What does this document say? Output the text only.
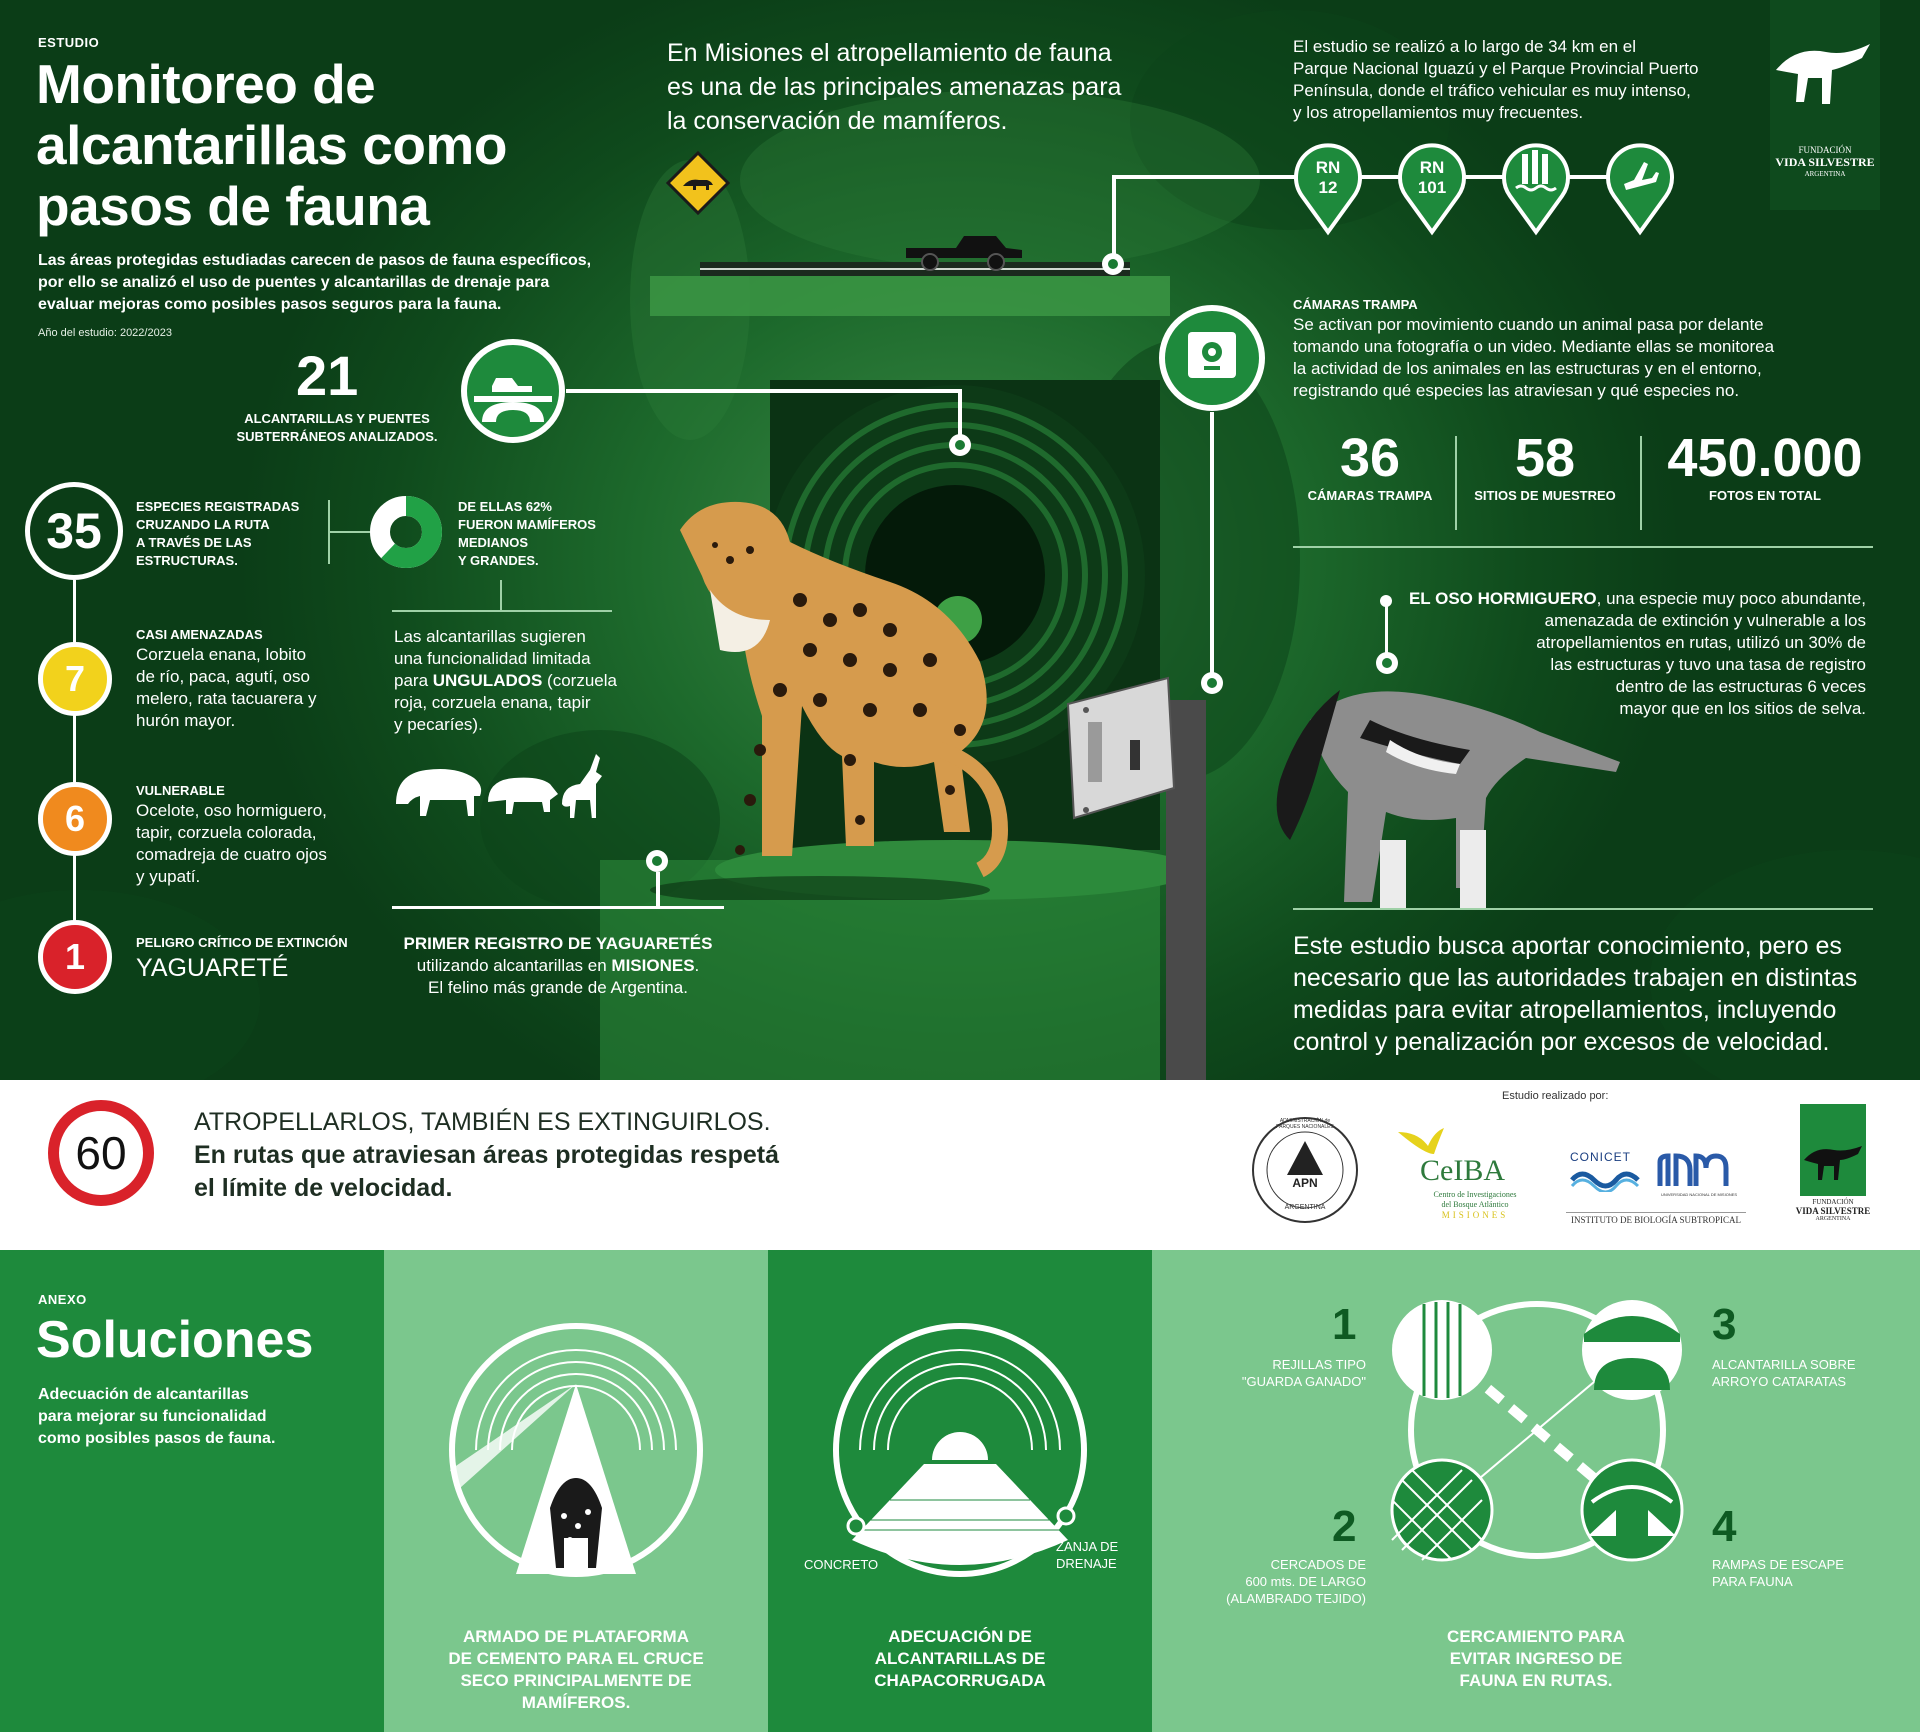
ESTUDIO
Monitoreo de
alcantarillas como
pasos de fauna
Las áreas protegidas estudiadas carecen de pasos de fauna específicos,
por ello se analizó el uso de puentes y alcantarillas de drenaje para
evaluar mejoras como posibles pasos seguros para la fauna.
Año del estudio: 2022/2023
En Misiones el atropellamiento de fauna
es una de las principales amenazas para
la conservación de mamíferos.
El estudio se realizó a lo largo de 34 km en el
Parque Nacional Iguazú y el Parque Provincial Puerto
Península, donde el tráfico vehicular es muy intenso,
y los atropellamientos muy frecuentes.
RN
12
RN
101
FUNDACIÓN
VIDA SILVESTRE
ARGENTINA
21
ALCANTARILLAS Y PUENTES
SUBTERRÁNEOS ANALIZADOS.
35	ESPECIES REGISTRADAS
CRUZANDO LA RUTA
A TRAVÉS DE LAS
ESTRUCTURAS.
DE ELLAS 62%
FUERON MAMÍFEROS
MEDIANOS
Y GRANDES.
7
CASI AMENAZADAS
Corzuela enana, lobito
de río, paca, agutí, oso
melero, rata tacuarera y
hurón mayor.
6
VULNERABLE
Ocelote, oso hormiguero,
tapir, corzuela colorada,
comadreja de cuatro ojos
y yupatí.
1	PELIGRO CRÍTICO DE EXTINCIÓN
YAGUARETÉ
Las alcantarillas sugieren
una funcionalidad limitada
para UNGULADOS (corzuela
roja, corzuela enana, tapir
y pecaríes).
PRIMER REGISTRO DE YAGUARETÉS
utilizando alcantarillas en MISIONES.
El felino más grande de Argentina.
CÁMARAS TRAMPA
Se activan por movimiento cuando un animal pasa por delante
tomando una fotografía o un video. Mediante ellas se monitorea
la actividad de los animales en las estructuras y en el entorno,
registrando qué especies las atraviesan y qué especies no.
36
CÁMARAS TRAMPA
58
SITIOS DE MUESTREO
450.000
FOTOS EN TOTAL
EL OSO HORMIGUERO, una especie muy poco abundante,
amenazada de extinción y vulnerable a los
atropellamientos en rutas, utilizó un 30% de
las estructuras y tuvo una tasa de registro
dentro de las estructuras 6 veces
mayor que en los sitios de selva.
Este estudio busca aportar conocimiento, pero es
necesario que las autoridades trabajen en distintas
medidas para evitar atropellamientos, incluyendo
control y penalización por excesos de velocidad.
60
ATROPELLARLOS, TAMBIÉN ES EXTINGUIRLOS.
En rutas que atraviesan áreas protegidas respetá
el límite de velocidad.
Estudio realizado por:
ADMINISTRACIÓN de PARQUES NACIONALES
APN
ARGENTINA
CeIBA
Centro de Investigaciones
del Bosque Atlántico
MISIONES
CONICET
UNIVERSIDAD NACIONAL DE MISIONES
INSTITUTO DE BIOLOGÍA SUBTROPICAL
FUNDACIÓN
VIDA SILVESTRE
ARGENTINA
ANEXO
Soluciones
Adecuación de alcantarillas
para mejorar su funcionalidad
como posibles pasos de fauna.
ARMADO DE PLATAFORMA
DE CEMENTO PARA EL CRUCE
SECO PRINCIPALMENTE DE
MAMÍFEROS.
CONCRETO
ZANJA DE
DRENAJE
ADECUACIÓN DE
ALCANTARILLAS DE
CHAPACORRUGADA
1
REJILLAS TIPO
"GUARDA GANADO"
2
CERCADOS DE
600 mts. DE LARGO
(ALAMBRADO TEJIDO)
3
ALCANTARILLA SOBRE
ARROYO CATARATAS
4
RAMPAS DE ESCAPE
PARA FAUNA
CERCAMIENTO PARA
EVITAR INGRESO DE
FAUNA EN RUTAS.
